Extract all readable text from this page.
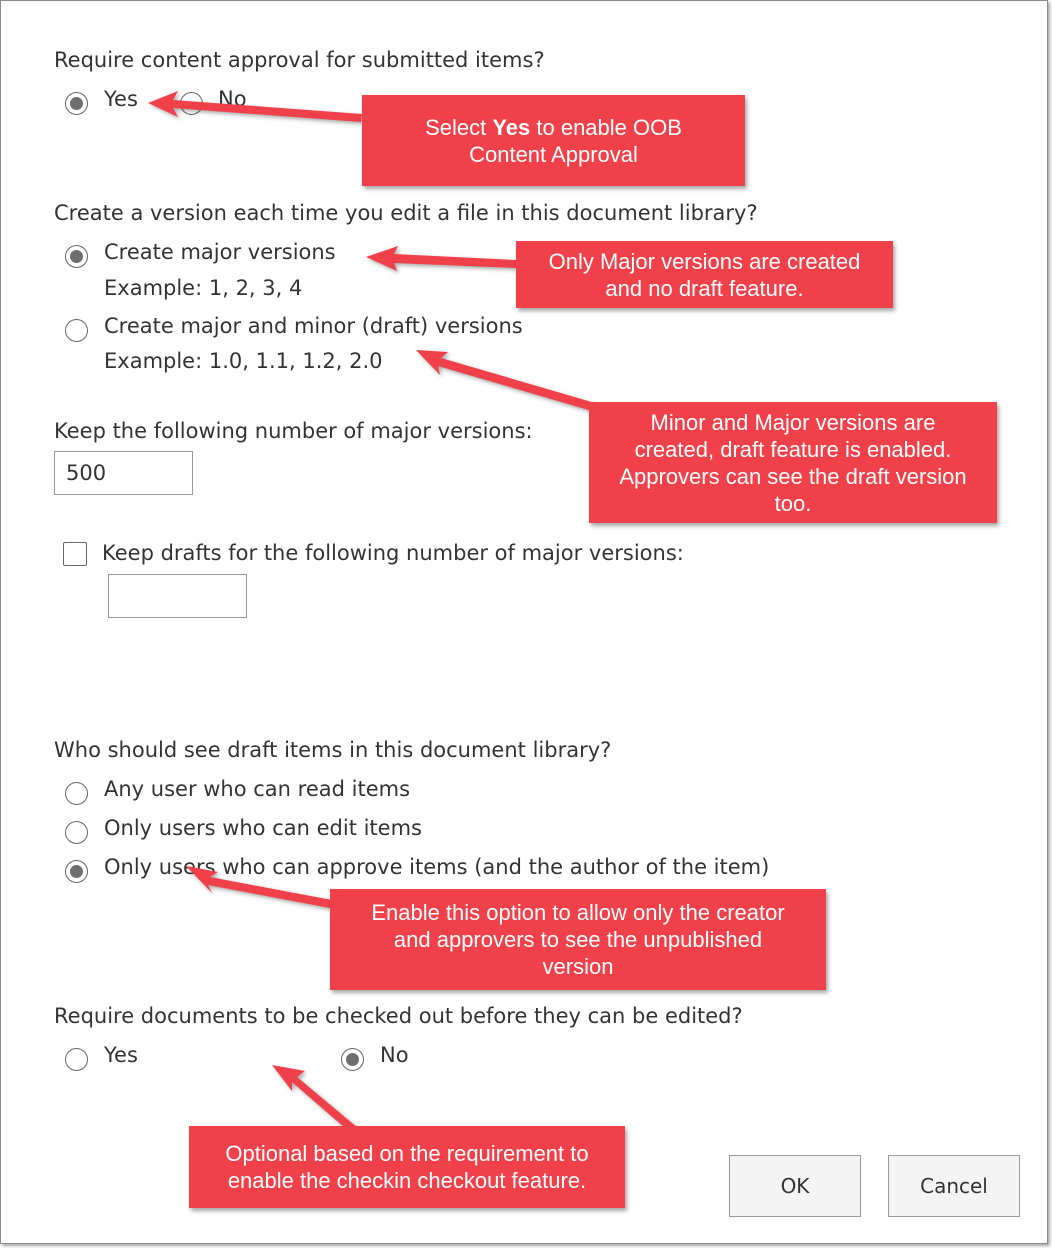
Require content approval for submitted items?
Yes	No
Create a version each time you edit a file in this document library?
Create major versions
Example: 1, 2, 3, 4
Create major and minor (draft) versions
Example: 1.0, 1.1, 1.2, 2.0
Keep the following number of major versions:
500
Keep drafts for the following number of major versions:
Who should see draft items in this document library?
Any user who can read items
Only users who can edit items
Only users who can approve items (and the author of the item)
Require documents to be checked out before they can be edited?
Yes	No
OK	Cancel
Select Yes to enable OOB
Content Approval
Only Major versions are created
and no draft feature.
Minor and Major versions are
created, draft feature is enabled.
Approvers can see the draft version
too.
Enable this option to allow only the creator
and approvers to see the unpublished
version
Optional based on the requirement to
enable the checkin checkout feature.
